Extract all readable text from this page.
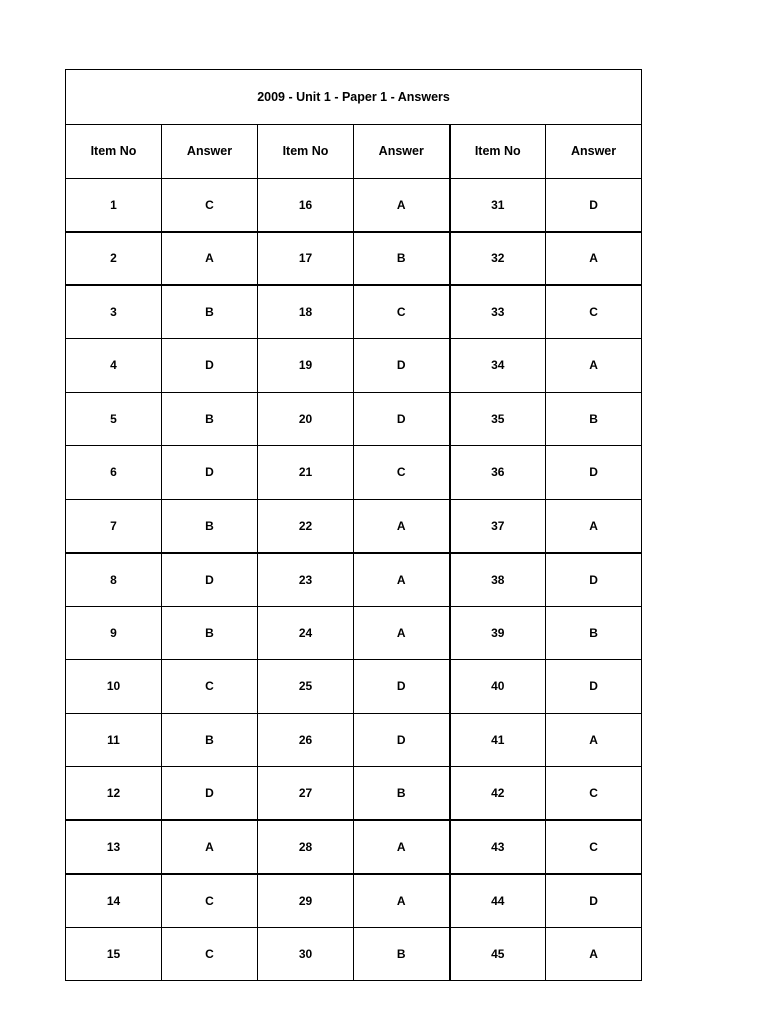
2009 - Unit 1 - Paper 1 - Answers					
Item No	Answer	Item No	Answer	Item No	Answer
1	C	16	A	31	D
2	A	17	B	32	A
3	B	18	C	33	C
4	D	19	D	34	A
5	B	20	D	35	B
6	D	21	C	36	D
7	B	22	A	37	A
8	D	23	A	38	D
9	B	24	A	39	B
10	C	25	D	40	D
11	B	26	D	41	A
12	D	27	B	42	C
13	A	28	A	43	C
14	C	29	A	44	D
15	C	30	B	45	A
